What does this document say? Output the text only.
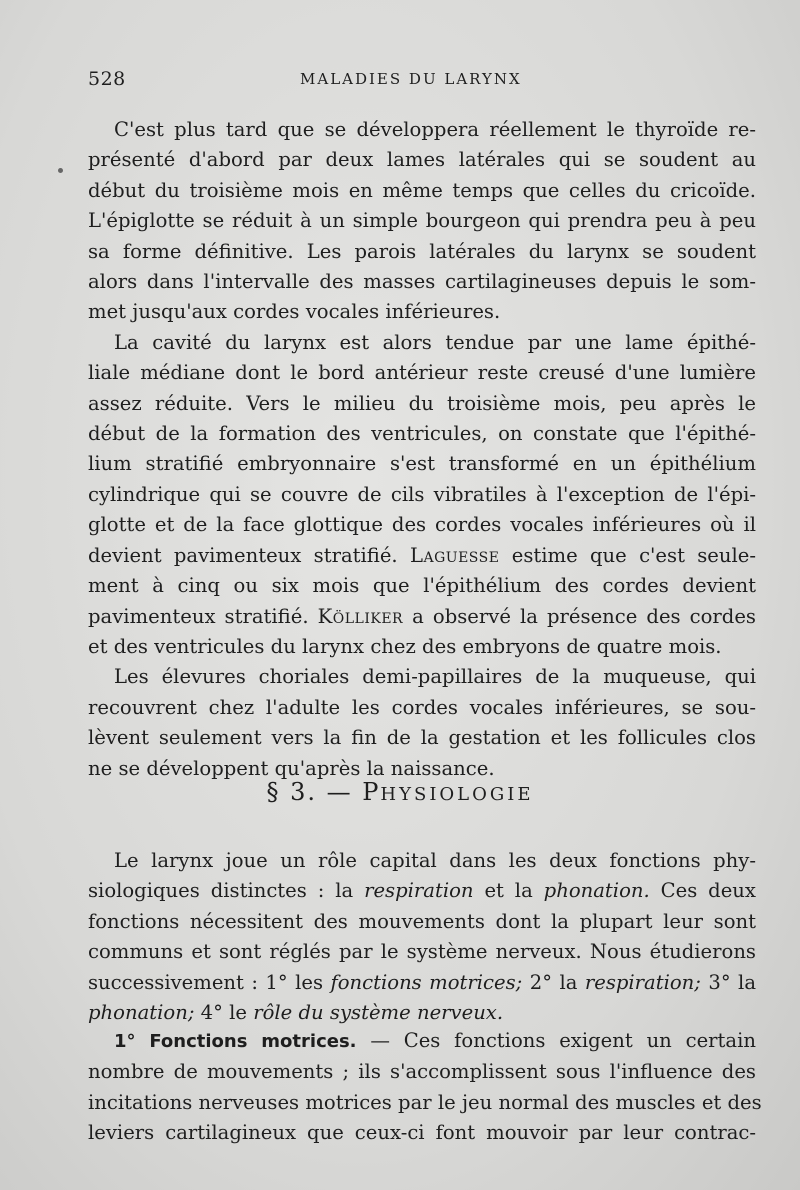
528	MALADIES DU LARYNX
C'est plus tard que se développera réellement le thyroïde re-
présenté d'abord par deux lames latérales qui se soudent au
début du troisième mois en même temps que celles du cricoïde.
L'épiglotte se réduit à un simple bourgeon qui prendra peu à peu
sa forme définitive. Les parois latérales du larynx se soudent
alors dans l'intervalle des masses cartilagineuses depuis le som-
met jusqu'aux cordes vocales inférieures.
La cavité du larynx est alors tendue par une lame épithé-
liale médiane dont le bord antérieur reste creusé d'une lumière
assez réduite. Vers le milieu du troisième mois, peu après le
début de la formation des ventricules, on constate que l'épithé-
lium stratifié embryonnaire s'est transformé en un épithélium
cylindrique qui se couvre de cils vibratiles à l'exception de l'épi-
glotte et de la face glottique des cordes vocales inférieures où il
devient pavimenteux stratifié. Laguesse estime que c'est seule-
ment à cinq ou six mois que l'épithélium des cordes devient
pavimenteux stratifié. Kölliker a observé la présence des cordes
et des ventricules du larynx chez des embryons de quatre mois.
Les élevures choriales demi-papillaires de la muqueuse, qui
recouvrent chez l'adulte les cordes vocales inférieures, se sou-
lèvent seulement vers la fin de la gestation et les follicules clos
ne se développent qu'après la naissance.
§ 3. — PHYSIOLOGIE
Le larynx joue un rôle capital dans les deux fonctions phy-
siologiques distinctes : la respiration et la phonation. Ces deux
fonctions nécessitent des mouvements dont la plupart leur sont
communs et sont réglés par le système nerveux. Nous étudierons
successivement : 1° les fonctions motrices; 2° la respiration; 3° la
phonation; 4° le rôle du système nerveux.
1° Fonctions motrices. — Ces fonctions exigent un certain
nombre de mouvements ; ils s'accomplissent sous l'influence des
incitations nerveuses motrices par le jeu normal des muscles et des
leviers cartilagineux que ceux-ci font mouvoir par leur contrac-
